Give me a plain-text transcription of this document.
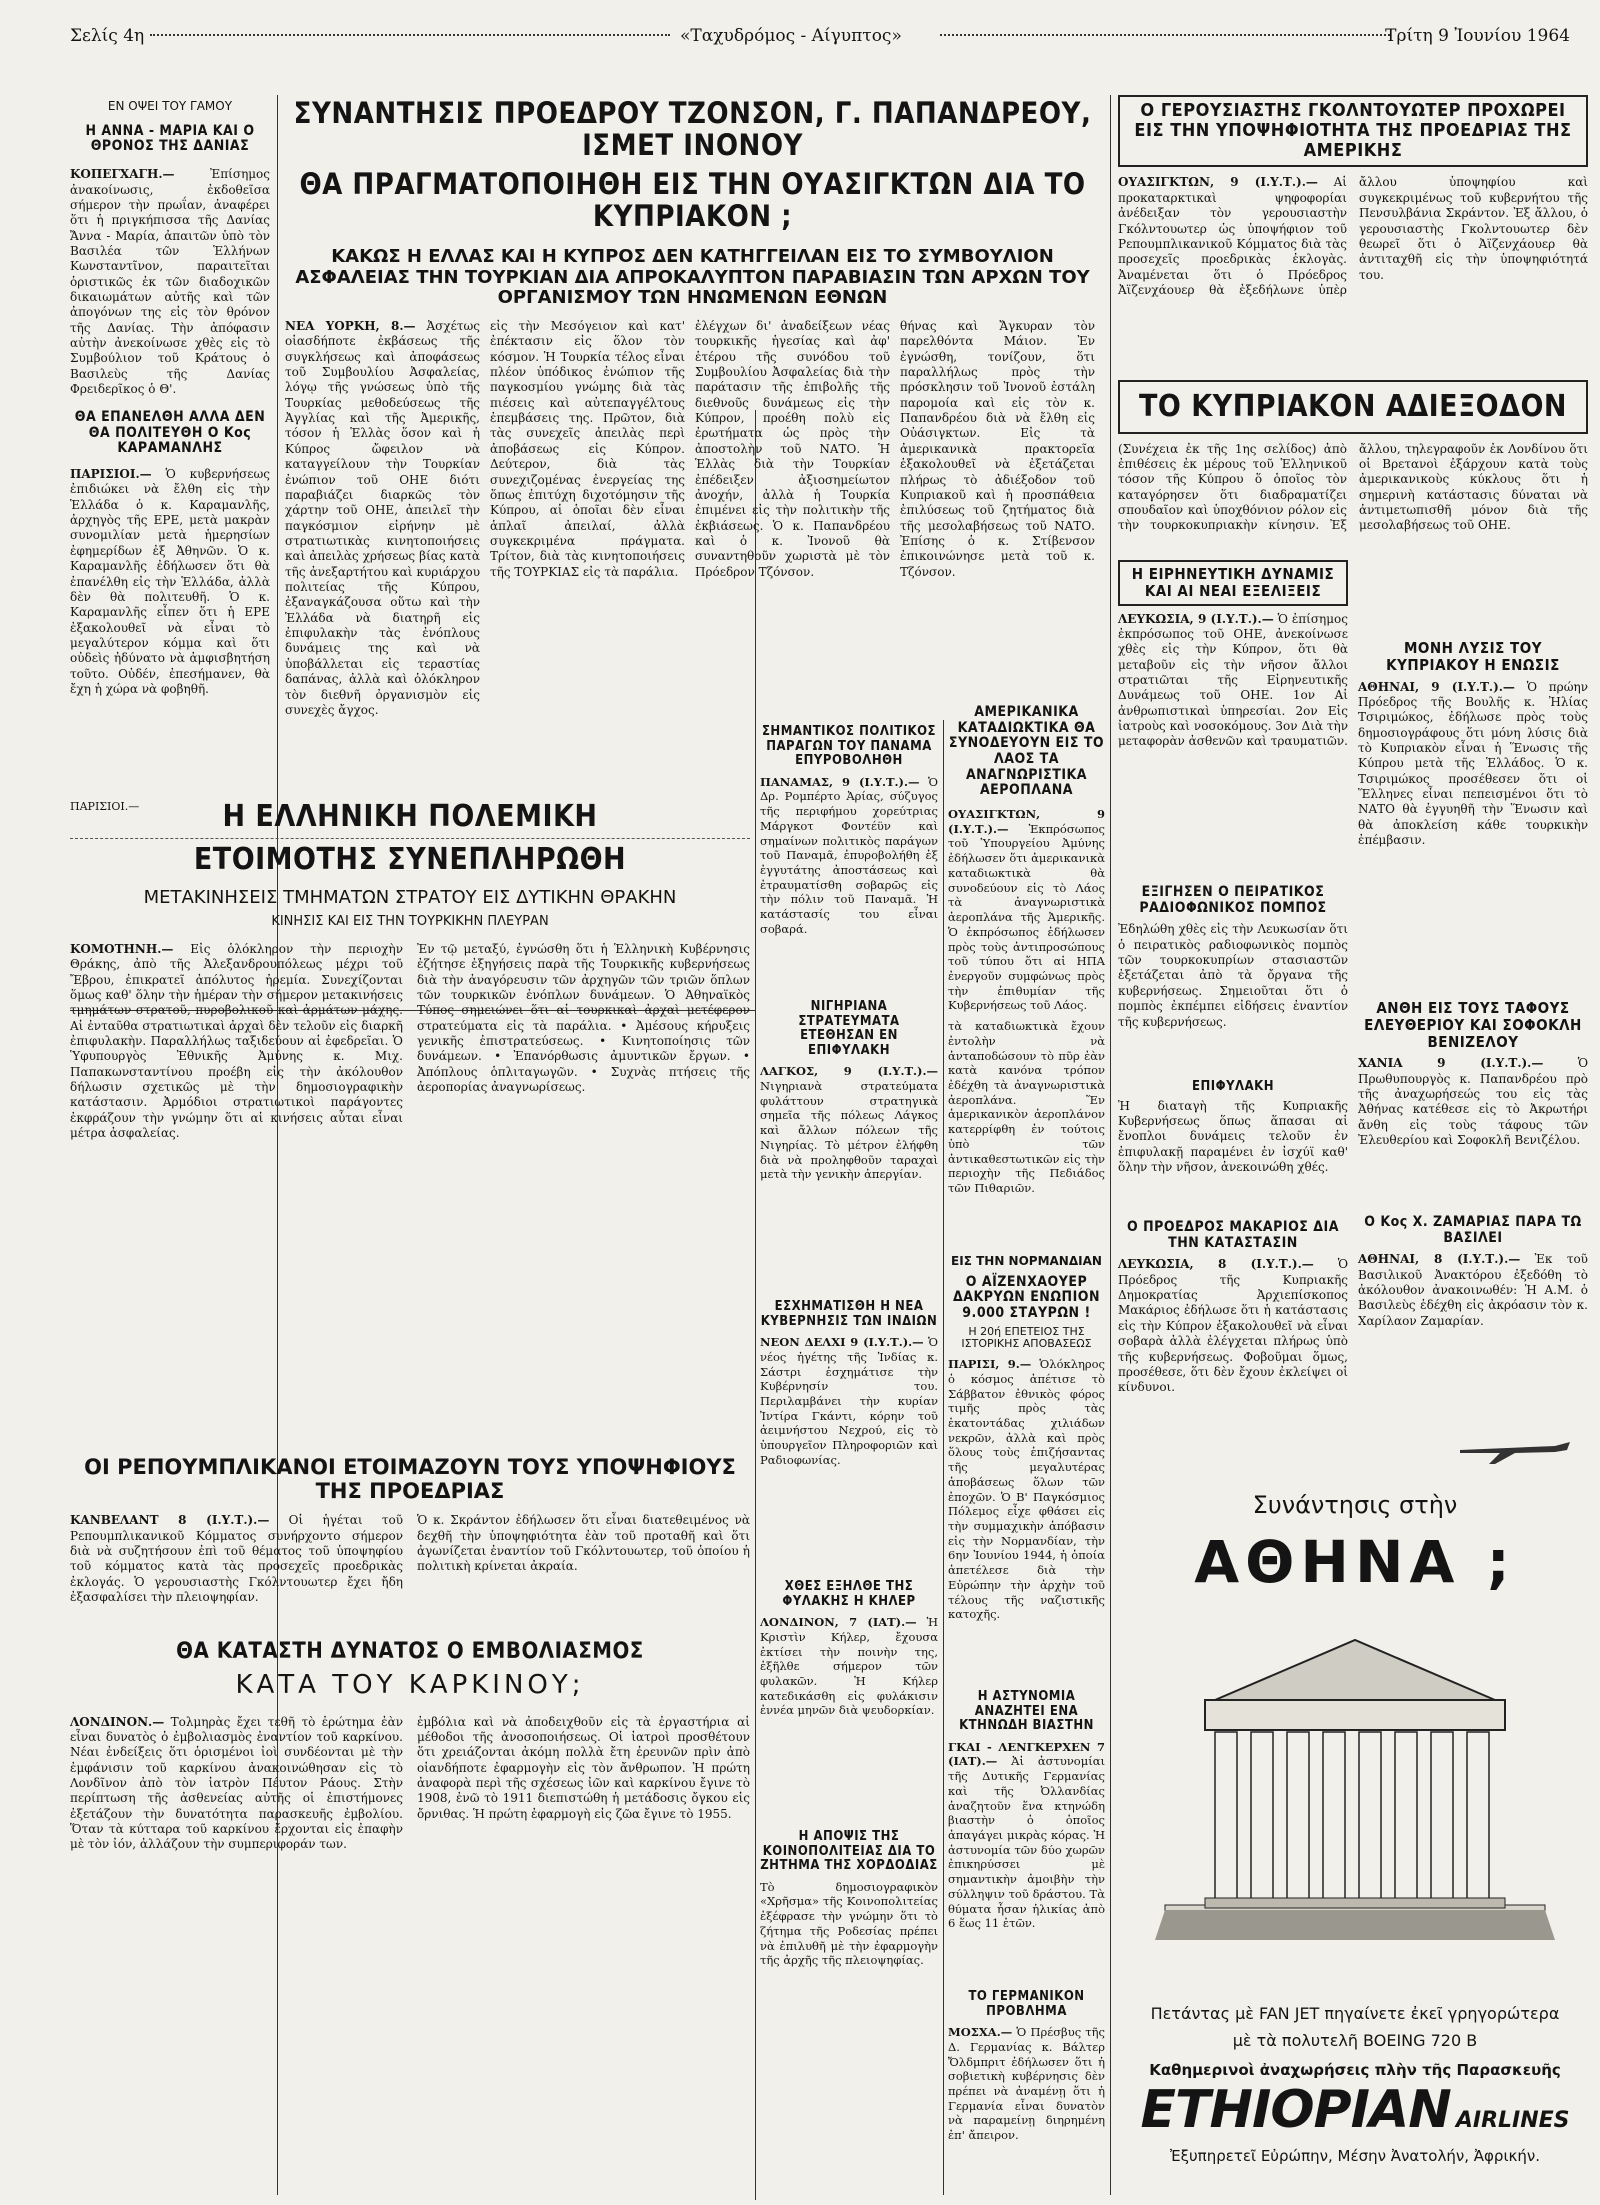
Σελίς 4η	«Ταχυδρόμος - Αίγυπτος»	Τρίτη 9 Ἰουνίου 1964
ΕΝ ΟΨΕΙ ΤΟΥ ΓΑΜΟΥ
Η ΑΝΝΑ - ΜΑΡΙΑ ΚΑΙ Ο ΘΡΟΝΟΣ ΤΗΣ ΔΑΝΙΑΣ
ΚΟΠΕΓΧΑΓΗ.—	Ἐπίσημος ἀνακοίνωσις, ἐκδοθεῖσα σήμερον τὴν πρωΐαν, ἀναφέρει ὅτι ἡ πριγκήπισσα τῆς Δανίας Ἄννα - Μαρία, ἀπαιτῶν ὑπὸ τὸν Βασιλέα τῶν Ἑλλήνων Κωνσταντῖνον, παραιτεῖται ὁριστικῶς ἐκ τῶν διαδοχικῶν δικαιωμάτων αὐτῆς καὶ τῶν ἀπογόνων της εἰς τὸν θρόνον τῆς Δανίας. Τὴν ἀπόφασιν αὐτὴν ἀνεκοίνωσε χθὲς εἰς τὸ Συμβούλιον τοῦ Κράτους ὁ Βασιλεὺς τῆς Δανίας Φρειδερῖκος ὁ Θ'.
ΘΑ ΕΠΑΝΕΛΘΗ ΑΛΛΑ ΔΕΝ ΘΑ ΠΟΛΙΤΕΥΘΗ Ο Κος ΚΑΡΑΜΑΝΛΗΣ
ΠΑΡΙΣΙΟΙ.— Ὁ κυβερνήσεως ἐπιδιώκει νὰ ἔλθη εἰς τὴν Ἑλλάδα ὁ κ. Καραμανλῆς, ἀρχηγὸς τῆς ΕΡΕ, μετὰ μακρὰν συνομιλίαν μετὰ ἡμερησίων ἐφημερίδων ἐξ Ἀθηνῶν. Ὁ κ. Καραμανλῆς ἐδήλωσεν ὅτι θὰ ἐπανέλθη εἰς τὴν Ἑλλάδα, ἀλλὰ δὲν θὰ πολιτευθῆ. Ὁ κ. Καραμανλῆς εἶπεν ὅτι ἡ ΕΡΕ ἐξακολουθεῖ νὰ εἶναι τὸ μεγαλύτερον κόμμα καὶ ὅτι οὐδεὶς ἠδύνατο νὰ ἀμφισβητήση τοῦτο. Οὐδέν, ἐπεσήμανεν, θὰ ἔχη ἡ χώρα νὰ φοβηθῆ.
ΣΥΝΑΝΤΗΣΙΣ ΠΡΟΕΔΡΟΥ ΤΖΟΝΣΟΝ, Γ. ΠΑΠΑΝΔΡΕΟΥ, ΙΣΜΕΤ ΙΝΟΝΟΥ
ΘΑ ΠΡΑΓΜΑΤΟΠΟΙΗΘΗ ΕΙΣ ΤΗΝ ΟΥΑΣΙΓΚΤΩΝ ΔΙΑ ΤΟ ΚΥΠΡΙΑΚΟΝ ;
ΚΑΚΩΣ Η ΕΛΛΑΣ ΚΑΙ Η ΚΥΠΡΟΣ ΔΕΝ ΚΑΤΗΓΓΕΙΛΑΝ ΕΙΣ ΤΟ ΣΥΜΒΟΥΛΙΟΝ ΑΣΦΑΛΕΙΑΣ ΤΗΝ ΤΟΥΡΚΙΑΝ ΔΙΑ ΑΠΡΟΚΑΛΥΠΤΟΝ ΠΑΡΑΒΙΑΣΙΝ ΤΩΝ ΑΡΧΩΝ ΤΟΥ ΟΡΓΑΝΙΣΜΟΥ ΤΩΝ ΗΝΩΜΕΝΩΝ ΕΘΝΩΝ
ΝΕΑ ΥΟΡΚΗ, 8.— Ἀσχέτως οἱασδήποτε ἐκβάσεως τῆς συγκλήσεως καὶ ἀποφάσεως τοῦ Συμβουλίου Ἀσφαλείας, λόγῳ τῆς γνώσεως ὑπὸ τῆς Τουρκίας μεθοδεύσεως τῆς Ἀγγλίας καὶ τῆς Ἀμερικῆς, τόσον ἡ Ἑλλὰς ὅσον καὶ ἡ Κύπρος ὤφειλον νὰ καταγγείλουν τὴν Τουρκίαν ἐνώπιον τοῦ ΟΗΕ διότι παραβιάζει διαρκῶς τὸν χάρτην τοῦ ΟΗΕ, ἀπειλεῖ τὴν παγκόσμιον εἰρήνην μὲ στρατιωτικὰς κινητοποιήσεις καὶ ἀπειλὰς χρήσεως βίας κατὰ τῆς ἀνεξαρτήτου καὶ κυριάρχου πολιτείας τῆς Κύπρου, ἐξαναγκάζουσα οὕτω καὶ τὴν Ἑλλάδα νὰ διατηρῆ εἰς ἐπιφυλακὴν τὰς ἐνόπλους δυνάμεις της καὶ νὰ ὑποβάλλεται εἰς τεραστίας δαπάνας, ἀλλὰ καὶ ὁλόκληρον τὸν διεθνῆ ὀργανισμὸν εἰς συνεχὲς ἄγχος.
εἰς τὴν Μεσόγειον καὶ κατ' ἐπέκτασιν εἰς ὅλον τὸν κόσμον. Ἡ Τουρκία τέλος εἶναι πλέον ὑπόδικος ἐνώπιον τῆς παγκοσμίου γνώμης διὰ τὰς πιέσεις καὶ αὐτεπαγγέλτους ἐπεμβάσεις της. Πρῶτον, διὰ τὰς συνεχεῖς ἀπειλὰς περὶ ἀποβάσεως εἰς Κύπρον. Δεύτερον, διὰ τὰς συνεχιζομένας ἐνεργείας της ὅπως ἐπιτύχη διχοτόμησιν τῆς Κύπρου, αἱ ὁποῖαι δὲν εἶναι ἁπλαῖ ἀπειλαί, ἀλλὰ συγκεκριμένα πράγματα. Τρίτον, διὰ τὰς κινητοποιήσεις τῆς ΤΟΥΡΚΙΑΣ εἰς τὰ παράλια.
ἐλέγχων δι' ἀναδείξεων νέας τουρκικῆς ἡγεσίας καὶ ἀφ' ἑτέρου τῆς συνόδου τοῦ Συμβουλίου Ἀσφαλείας διὰ τὴν παράτασιν τῆς ἐπιβολῆς τῆς διεθνοῦς δυνάμεως εἰς τὴν Κύπρον, προέθη πολὺ εἰς ἐρωτήματα ὡς πρὸς τὴν ἀποστολὴν τοῦ ΝΑΤΟ. Ἡ Ἑλλὰς διὰ τὴν Τουρκίαν ἐπέδειξεν ἀξιοσημείωτον ἀνοχήν, ἀλλὰ ἡ Τουρκία ἐπιμένει εἰς τὴν πολιτικὴν τῆς ἐκβιάσεως. Ὁ κ. Παπανδρέου καὶ ὁ κ. Ἰνονοῦ θὰ συναντηθοῦν χωριστὰ μὲ τὸν Πρόεδρον Τζόνσον.
θήνας καὶ Ἄγκυραν τὸν παρελθόντα Μάιον. Ἐν ἐγνώσθη, τονίζουν, ὅτι παραλλήλως πρὸς τὴν πρόσκλησιν τοῦ Ἰνονοῦ ἐστάλη παρομοία καὶ εἰς τὸν κ. Παπανδρέου διὰ νὰ ἔλθη εἰς Οὐάσιγκτων. Εἰς τὰ ἀμερικανικὰ πρακτορεῖα ἐξακολουθεῖ νὰ ἐξετάζεται πλήρως τὸ ἀδιέξοδον τοῦ Κυπριακοῦ καὶ ἡ προσπάθεια ἐπιλύσεως τοῦ ζητήματος διὰ τῆς μεσολαβήσεως τοῦ ΝΑΤΟ. Ἐπίσης ὁ κ. Στίβενσον ἐπικοινώνησε μετὰ τοῦ κ. Τζόνσον.
Ο ΓΕΡΟΥΣΙΑΣΤΗΣ ΓΚΟΛΝΤΟΥΩΤΕΡ ΠΡΟΧΩΡΕΙ ΕΙΣ ΤΗΝ ΥΠΟΨΗΦΙΟΤΗΤΑ ΤΗΣ ΠΡΟΕΔΡΙΑΣ ΤΗΣ ΑΜΕΡΙΚΗΣ
ΟΥΑΣΙΓΚΤΩΝ, 9 (Ι.Υ.Τ.).— Αἱ προκαταρκτικαὶ ψηφοφορίαι ἀνέδειξαν τὸν γερουσιαστὴν Γκόλντουωτερ ὡς ὑποψήφιον τοῦ Ρεπουμπλικανικοῦ Κόμματος διὰ τὰς προσεχεῖς προεδρικὰς ἐκλογὰς. Ἀναμένεται ὅτι ὁ Πρόεδρος Ἀϊζενχάουερ θὰ ἐξεδήλωνε ὑπὲρ ἄλλου ὑποψηφίου καὶ συγκεκριμένως τοῦ κυβερνήτου τῆς Πενσυλβάνια Σκράντον. Ἐξ ἄλλου, ὁ γερουσιαστὴς Γκολντουωτερ δὲν θεωρεῖ ὅτι ὁ Ἀϊζενχάουερ θὰ ἀντιταχθῆ εἰς τὴν ὑποψηφιότητά του.
ΤΟ ΚΥΠΡΙΑΚΟΝ ΑΔΙΕΞΟΔΟΝ
(Συνέχεια ἐκ τῆς 1ης σελίδος) ἀπὸ ἐπιθέσεις ἐκ μέρους τοῦ Ἑλληνικοῦ τόσον τῆς Κύπρου ὅ ὁποῖος τὸν καταγόρησεν ὅτι διαδραματίζει σπουδαῖον καὶ ὑποχθόνιον ρόλον εἰς τὴν τουρκοκυπριακὴν κίνησιν. Ἐξ ἄλλου, τηλεγραφοῦν ἐκ Λονδίνου ὅτι οἱ Βρετανοὶ ἐξάρχουν κατὰ τοὺς ἀμερικανικοὺς κύκλους ὅτι ἡ σημερινὴ κατάστασις δύναται νὰ ἀντιμετωπισθῆ μόνον διὰ τῆς μεσολαβήσεως τοῦ ΟΗΕ.
Η ΕΙΡΗΝΕΥΤΙΚΗ ΔΥΝΑΜΙΣ ΚΑΙ ΑΙ ΝΕΑΙ ΕΞΕΛΙΞΕΙΣ
ΛΕΥΚΩΣΙΑ, 9 (Ι.Υ.Τ.).— Ὁ ἐπίσημος ἐκπρόσωπος τοῦ ΟΗΕ, ἀνεκοίνωσε χθὲς εἰς τὴν Κύπρον, ὅτι θὰ μεταβοῦν εἰς τὴν νῆσον ἄλλοι στρατιῶται τῆς Εἰρηνευτικῆς Δυνάμεως τοῦ ΟΗΕ. 1ον Αἱ ἀνθρωπιστικαὶ ὑπηρεσίαι. 2ον Εἰς ἰατροὺς καὶ νοσοκόμους. 3ον Διὰ τὴν μεταφορὰν ἀσθενῶν καὶ τραυματιῶν.
ΕΞΙΓΗΣΕΝ Ο ΠΕΙΡΑΤΙΚΟΣ ΡΑΔΙΟΦΩΝΙΚΟΣ ΠΟΜΠΟΣ
Ἐδηλώθη χθὲς εἰς τὴν Λευκωσίαν ὅτι ὁ πειρατικὸς ραδιοφωνικὸς πομπὸς τῶν τουρκοκυπρίων στασιαστῶν ἐξετάζεται ἀπὸ τὰ ὄργανα τῆς κυβερνήσεως. Σημειοῦται ὅτι ὁ πομπὸς ἐκπέμπει εἰδήσεις ἐναντίον τῆς κυβερνήσεως.
ΕΠΙΦΥΛΑΚΗ
Ἡ διαταγὴ τῆς Κυπριακῆς Κυβερνήσεως ὅπως ἅπασαι αἱ ἔνοπλοι δυνάμεις τελοῦν ἐν ἐπιφυλακῇ παραμένει ἐν ἰσχύϊ καθ' ὅλην τὴν νῆσον, ἀνεκοινώθη χθές.
Ο ΠΡΟΕΔΡΟΣ ΜΑΚΑΡΙΟΣ ΔΙΑ ΤΗΝ ΚΑΤΑΣΤΑΣΙΝ
ΛΕΥΚΩΣΙΑ, 8 (Ι.Υ.Τ.).— Ὁ Πρόεδρος τῆς Κυπριακῆς Δημοκρατίας Ἀρχιεπίσκοπος Μακάριος ἐδήλωσε ὅτι ἡ κατάστασις εἰς τὴν Κύπρον ἐξακολουθεῖ νὰ εἶναι σοβαρὰ ἀλλὰ ἐλέγχεται πλήρως ὑπὸ τῆς κυβερνήσεως. Φοβοῦμαι ὅμως, προσέθεσε, ὅτι δὲν ἔχουν ἐκλείψει οἱ κίνδυνοι.
ΜΟΝΗ ΛΥΣΙΣ ΤΟΥ ΚΥΠΡΙΑΚΟΥ Η ΕΝΩΣΙΣ
ΑΘΗΝΑΙ, 9 (Ι.Υ.Τ.).— Ὁ πρώην Πρόεδρος τῆς Βουλῆς κ. Ἠλίας Τσιριμώκος, ἐδήλωσε πρὸς τοὺς δημοσιογράφους ὅτι μόνη λύσις διὰ τὸ Κυπριακὸν εἶναι ἡ Ἕνωσις τῆς Κύπρου μετὰ τῆς Ἑλλάδος. Ὁ κ. Τσιριμώκος προσέθεσεν ὅτι οἱ Ἕλληνες εἶναι πεπεισμένοι ὅτι τὸ ΝΑΤΟ θὰ ἐγγυηθῆ τὴν Ἕνωσιν καὶ θὰ ἀποκλείση κάθε τουρκικὴν ἐπέμβασιν.
ΑΝΘΗ ΕΙΣ ΤΟΥΣ ΤΑΦΟΥΣ ΕΛΕΥΘΕΡΙΟΥ ΚΑΙ ΣΟΦΟΚΛΗ ΒΕΝΙΖΕΛΟΥ
ΧΑΝΙΑ 9 (Ι.Υ.Τ.).—	Ὁ Πρωθυπουργὸς κ. Παπανδρέου πρὸ τῆς ἀναχωρήσεώς του εἰς τὰς Ἀθήνας κατέθεσε εἰς τὸ Ἀκρωτήρι ἄνθη εἰς τοὺς τάφους τῶν Ἐλευθερίου καὶ Σοφοκλῆ Βενιζέλου.
Ο Κος Χ. ΖΑΜΑΡΙΑΣ ΠΑΡΑ ΤΩ ΒΑΣΙΛΕΙ
ΑΘΗΝΑΙ, 8 (Ι.Υ.Τ.).— Ἐκ τοῦ Βασιλικοῦ Ἀνακτόρου ἐξεδόθη τὸ ἀκόλουθον ἀνακοινωθέν: Ἡ Α.Μ. ὁ Βασιλεὺς ἐδέχθη εἰς ἀκρόασιν τὸν κ. Χαρίλαον Ζαμαρίαν.
Συνάντησις στὴν
ΑΘΗΝΑ ;
Πετάντας μὲ FAN JET πηγαίνετε ἐκεῖ γρηγορώτερα
μὲ τὰ πολυτελῆ BOEING 720 B
Καθημερινοὶ ἀναχωρήσεις πλὴν τῆς Παρασκευῆς
ETHIOPIAN AIRLINES
Ἐξυπηρετεῖ Εὐρώπην, Μέσην Ἀνατολήν, Ἀφρικήν.
ΠΑΡΙΣΙΟΙ.—	Η ΕΛΛΗΝΙΚΗ ΠΟΛΕΜΙΚΗ
ΕΤΟΙΜΟΤΗΣ ΣΥΝΕΠΛΗΡΩΘΗ
ΜΕΤΑΚΙΝΗΣΕΙΣ ΤΜΗΜΑΤΩΝ ΣΤΡΑΤΟΥ ΕΙΣ ΔΥΤΙΚΗΝ ΘΡΑΚΗΝ
ΚΙΝΗΣΙΣ ΚΑΙ ΕΙΣ ΤΗΝ ΤΟΥΡΚΙΚΗΝ ΠΛΕΥΡΑΝ
ΚΟΜΟΤΗΝΗ.— Εἰς ὁλόκληρον τὴν περιοχὴν Θράκης, ἀπὸ τῆς Ἀλεξανδρουπόλεως μέχρι τοῦ Ἔβρου, ἐπικρατεῖ ἀπόλυτος ἠρεμία. Συνεχίζονται ὅμως καθ' ὅλην τὴν ἡμέραν τὴν σήμερον μετακινήσεις τμημάτων στρατοῦ, πυροβολικοῦ καὶ ἁρμάτων μάχης. Αἱ ἐνταῦθα στρατιωτικαὶ ἀρχαὶ δὲν τελοῦν εἰς διαρκῆ ἐπιφυλακὴν. Παραλλήλως ταξιδεύουν αἱ ἐφεδρεῖαι. Ὁ Ὑφυπουργὸς Ἐθνικῆς Ἀμύνης κ. Μιχ. Παπακωνσταντίνου προέβη εἰς τὴν ἀκόλουθον δήλωσιν σχετικῶς μὲ τὴν δημοσιογραφικὴν κατάστασιν. Ἀρμόδιοι στρατιωτικοὶ παράγοντες ἐκφράζουν τὴν γνώμην ὅτι αἱ κινήσεις αὗται εἶναι μέτρα ἀσφαλείας.
Ἐν τῷ μεταξύ, ἐγνώσθη ὅτι ἡ Ἑλληνικὴ Κυβέρνησις ἐζήτησε ἐξηγήσεις παρὰ τῆς Τουρκικῆς κυβερνήσεως διὰ τὴν ἀναγόρευσιν τῶν ἀρχηγῶν τῶν τριῶν ὅπλων τῶν τουρκικῶν ἐνόπλων δυνάμεων. Ὁ Ἀθηναϊκὸς Τύπος σημειώνει ὅτι αἱ τουρκικαὶ ἀρχαὶ μετέφερον στρατεύματα εἰς τὰ παράλια. • Ἀμέσους κήρυξεις γενικῆς ἐπιστρατεύσεως. • Κινητοποίησις τῶν δυνάμεων. • Ἐπανόρθωσις ἀμυντικῶν ἔργων. • Ἀπόπλους ὁπλιταγωγῶν. • Συχνὰς πτήσεις τῆς ἀεροπορίας ἀναγνωρίσεως.
ΟΙ ΡΕΠΟΥΜΠΛΙΚΑΝΟΙ ΕΤΟΙΜΑΖΟΥΝ ΤΟΥΣ ΥΠΟΨΗΦΙΟΥΣ ΤΗΣ ΠΡΟΕΔΡΙΑΣ
ΚΑΝΒΕΛΑΝΤ 8 (Ι.Υ.Τ.).— Οἱ ἡγέται τοῦ Ρεπουμπλικανικοῦ Κόμματος συνήρχοντο σήμερον διὰ νὰ συζητήσουν ἐπὶ τοῦ θέματος τοῦ ὑποψηφίου τοῦ κόμματος κατὰ τὰς προσεχεῖς προεδρικὰς ἐκλογάς. Ὁ γερουσιαστὴς Γκόλντουωτερ ἔχει ἤδη ἐξασφαλίσει τὴν πλειοψηφίαν.
Ὁ κ. Σκράντον ἐδήλωσεν ὅτι εἶναι διατεθειμένος νὰ δεχθῆ τὴν ὑποψηφιότητα ἐὰν τοῦ προταθῆ καὶ ὅτι ἀγωνίζεται ἐναντίον τοῦ Γκόλντουωτερ, τοῦ ὁποίου ἡ πολιτικὴ κρίνεται ἀκραία.
ΘΑ ΚΑΤΑΣΤΗ ΔΥΝΑΤΟΣ Ο ΕΜΒΟΛΙΑΣΜΟΣ
ΚΑΤΑ ΤΟΥ ΚΑΡΚΙΝΟΥ;
ΛΟΝΔΙΝΟΝ.— Τολμηρὰς ἔχει τεθῆ τὸ ἐρώτημα ἐὰν εἶναι δυνατὸς ὁ ἐμβολιασμὸς ἐναντίον τοῦ καρκίνου. Νέαι ἐνδείξεις ὅτι ὁρισμένοι ἰοὶ συνδέονται μὲ τὴν ἐμφάνισιν τοῦ καρκίνου ἀνακοινώθησαν εἰς τὸ Λονδῖνον ἀπὸ τὸν ἰατρὸν Πέυτον Ράους. Στὴν περίπτωση τῆς ἀσθενείας αὐτῆς οἱ ἐπιστήμονες ἐξετάζουν τὴν δυνατότητα παρασκευῆς ἐμβολίου. Ὅταν τὰ κύτταρα τοῦ καρκίνου ἔρχονται εἰς ἐπαφὴν μὲ τὸν ἰόν, ἀλλάζουν τὴν συμπεριφοράν των.
ἐμβόλια καὶ νὰ ἀποδειχθοῦν εἰς τὰ ἐργαστήρια αἱ μέθοδοι τῆς ἀνοσοποιήσεως. Οἱ ἰατροὶ προσθέτουν ὅτι χρειάζονται ἀκόμη πολλὰ ἔτη ἐρευνῶν πρὶν ἀπὸ οἱανδήποτε ἐφαρμογὴν εἰς τὸν ἄνθρωπον. Ἡ πρώτη ἀναφορὰ περὶ τῆς σχέσεως ἰῶν καὶ καρκίνου ἔγινε τὸ 1908, ἐνῶ τὸ 1911 διεπιστώθη ἡ μετάδοσις ὄγκου εἰς ὄρνιθας. Ἡ πρώτη ἐφαρμογὴ εἰς ζῶα ἔγινε τὸ 1955.
ΣΗΜΑΝΤΙΚΟΣ ΠΟΛΙΤΙΚΟΣ ΠΑΡΑΓΩΝ ΤΟΥ ΠΑΝΑΜΑ ΕΠΥΡΟΒΟΛΗΘΗ
ΠΑΝΑΜΑΣ, 9 (Ι.Υ.Τ.).— Ὁ Δρ. Ρομπέρτο Ἀρίας, σύζυγος τῆς περιφήμου χορεύτριας Μάργκοτ Φοντέϋν καὶ σημαίνων πολιτικὸς παράγων τοῦ Παναμᾶ, ἐπυροβολήθη ἐξ ἐγγυτάτης ἀποστάσεως καὶ ἐτραυματίσθη σοβαρῶς εἰς τὴν πόλιν τοῦ Παναμᾶ. Ἡ κατάστασίς του εἶναι σοβαρά.
ΝΙΓΗΡΙΑΝΑ ΣΤΡΑΤΕΥΜΑΤΑ ΕΤΕΘΗΣΑΝ ΕΝ ΕΠΙΦΥΛΑΚΗ
ΛΑΓΚΟΣ, 9 (Ι.Υ.Τ.).— Νιγηριανὰ στρατεύματα φυλάττουν στρατηγικὰ σημεῖα τῆς πόλεως Λάγκος καὶ ἄλλων πόλεων τῆς Νιγηρίας. Τὸ μέτρον ἐλήφθη διὰ νὰ προληφθοῦν ταραχαὶ μετὰ τὴν γενικὴν ἀπεργίαν.
ΕΣΧΗΜΑΤΙΣΘΗ Η ΝΕΑ ΚΥΒΕΡΝΗΣΙΣ ΤΩΝ ΙΝΔΙΩΝ
ΝΕΟΝ ΔΕΛΧΙ 9 (Ι.Υ.Τ.).— Ὁ νέος ἡγέτης τῆς Ἰνδίας κ. Σάστρι ἐσχημάτισε τὴν Κυβέρνησίν του. Περιλαμβάνει τὴν κυρίαν Ἰντίρα Γκάντι, κόρην τοῦ ἀειμνήστου Νεχρού, εἰς τὸ ὑπουργεῖον Πληροφοριῶν καὶ Ραδιοφωνίας.
ΧΘΕΣ ΕΞΗΛΘΕ ΤΗΣ ΦΥΛΑΚΗΣ Η ΚΗΛΕΡ
ΛΟΝΔΙΝΟΝ, 7 (ΙΑΤ).— Ἡ Κριστὶν Κήλερ, ἔχουσα ἐκτίσει τὴν ποινὴν της, ἐξῆλθε σήμερον τῶν φυλακῶν. Ἡ Κήλερ κατεδικάσθη εἰς φυλάκισιν ἐννέα μηνῶν διὰ ψευδορκίαν.
Η ΑΠΟΨΙΣ ΤΗΣ ΚΟΙΝΟΠΟΛΙΤΕΙΑΣ ΔΙΑ ΤΟ ΖΗΤΗΜΑ ΤΗΣ ΧΟΡΔΟΔΙΑΣ
Τὸ δημοσιογραφικὸν «Χρῆσμα» τῆς Κοινοπολιτείας ἐξέφρασε τὴν γνώμην ὅτι τὸ ζήτημα τῆς Ροδεσίας πρέπει νὰ ἐπιλυθῆ μὲ τὴν ἐφαρμογὴν τῆς ἀρχῆς τῆς πλειοψηφίας.
ΑΜΕΡΙΚΑΝΙΚΑ ΚΑΤΑΔΙΩΚΤΙΚΑ ΘΑ ΣΥΝΟΔΕΥΟΥΝ ΕΙΣ ΤΟ ΛΑΟΣ ΤΑ ΑΝΑΓΝΩΡΙΣΤΙΚΑ ΑΕΡΟΠΛΑΝΑ
ΟΥΑΣΙΓΚΤΩΝ, 9 (Ι.Υ.Τ.).— Ἐκπρόσωπος τοῦ Ὑπουργείου Ἀμύνης ἐδήλωσεν ὅτι ἀμερικανικὰ καταδιωκτικὰ θὰ συνοδεύουν εἰς τὸ Λάος τὰ ἀναγνωριστικὰ ἀεροπλάνα τῆς Ἀμερικῆς. Ὁ ἐκπρόσωπος ἐδήλωσεν πρὸς τοὺς ἀντιπροσώπους τοῦ τύπου ὅτι αἱ ΗΠΑ ἐνεργοῦν συμφώνως πρὸς τὴν ἐπιθυμίαν τῆς Κυβερνήσεως τοῦ Λάος.
τὰ καταδιωκτικὰ ἔχουν ἐντολὴν νὰ ἀνταποδώσουν τὸ πῦρ ἐὰν κατὰ κανόνα τρόπον ἐδέχθη τὰ ἀναγνωριστικὰ ἀεροπλάνα. Ἕν ἀμερικανικὸν ἀεροπλάνον κατερρίφθη ἐν τούτοις ὑπὸ τῶν ἀντικαθεστωτικῶν εἰς τὴν περιοχὴν τῆς Πεδιάδος τῶν Πιθαριῶν.
ΕΙΣ ΤΗΝ ΝΟΡΜΑΝΔΙΑΝ
Ο ΑΪΖΕΝΧΑΟΥΕΡ ΔΑΚΡΥΩΝ ΕΝΩΠΙΟΝ 9.000 ΣΤΑΥΡΩΝ !
Η 20ή ΕΠΕΤΕΙΟΣ ΤΗΣ ΙΣΤΟΡΙΚΗΣ ΑΠΟΒΑΣΕΩΣ
ΠΑΡΙΣΙ, 9.— Ὁλόκληρος ὁ κόσμος ἀπέτισε τὸ Σάββατον ἐθνικὸς φόρος τιμῆς πρὸς τὰς ἑκατοντάδας χιλιάδων νεκρῶν, ἀλλὰ καὶ πρὸς ὅλους τοὺς ἐπιζήσαντας τῆς μεγαλυτέρας ἀποβάσεως ὅλων τῶν ἐποχῶν. Ὁ Β' Παγκόσμιος Πόλεμος εἶχε φθάσει εἰς τὴν συμμαχικὴν ἀπόβασιν εἰς τὴν Νορμανδίαν, τὴν 6ην Ἰουνίου 1944, ἡ ὁποία ἀπετέλεσε διὰ τὴν Εὐρώπην τὴν ἀρχὴν τοῦ τέλους τῆς ναζιστικῆς κατοχῆς.
Η ΑΣΤΥΝΟΜΙΑ ΑΝΑΖΗΤΕΙ ΕΝΑ ΚΤΗΝΩΔΗ ΒΙΑΣΤΗΝ
ΓΚΑΙ - ΛΕΝΓΚΕΡΧΕΝ 7 (ΙΑΤ).— Ἀἱ ἀστυνομίαι τῆς Δυτικῆς Γερμανίας καὶ τῆς Ὀλλανδίας ἀναζητοῦν ἕνα κτηνώδη βιαστὴν ὁ ὁποῖος ἀπαγάγει μικρὰς κόρας. Ἡ ἀστυνομία τῶν δύο χωρῶν ἐπικηρύσσει μὲ σημαντικὴν ἀμοιβὴν τὴν σύλληψιν τοῦ δράστου. Τὰ θύματα ἦσαν ἡλικίας ἀπὸ 6 ἕως 11 ἐτῶν.
ΤΟ ΓΕΡΜΑΝΙΚΟΝ ΠΡΟΒΛΗΜΑ
ΜΟΣΧΑ.— Ὁ Πρέσβυς τῆς Δ. Γερμανίας κ. Βάλτερ Ὄλδμπριτ ἐδήλωσεν ὅτι ἡ σοβιετικὴ κυβέρνησις δὲν πρέπει νὰ ἀναμένῃ ὅτι ἡ Γερμανία εἶναι δυνατὸν νὰ παραμείνῃ διηρημένη ἐπ' ἄπειρον.
